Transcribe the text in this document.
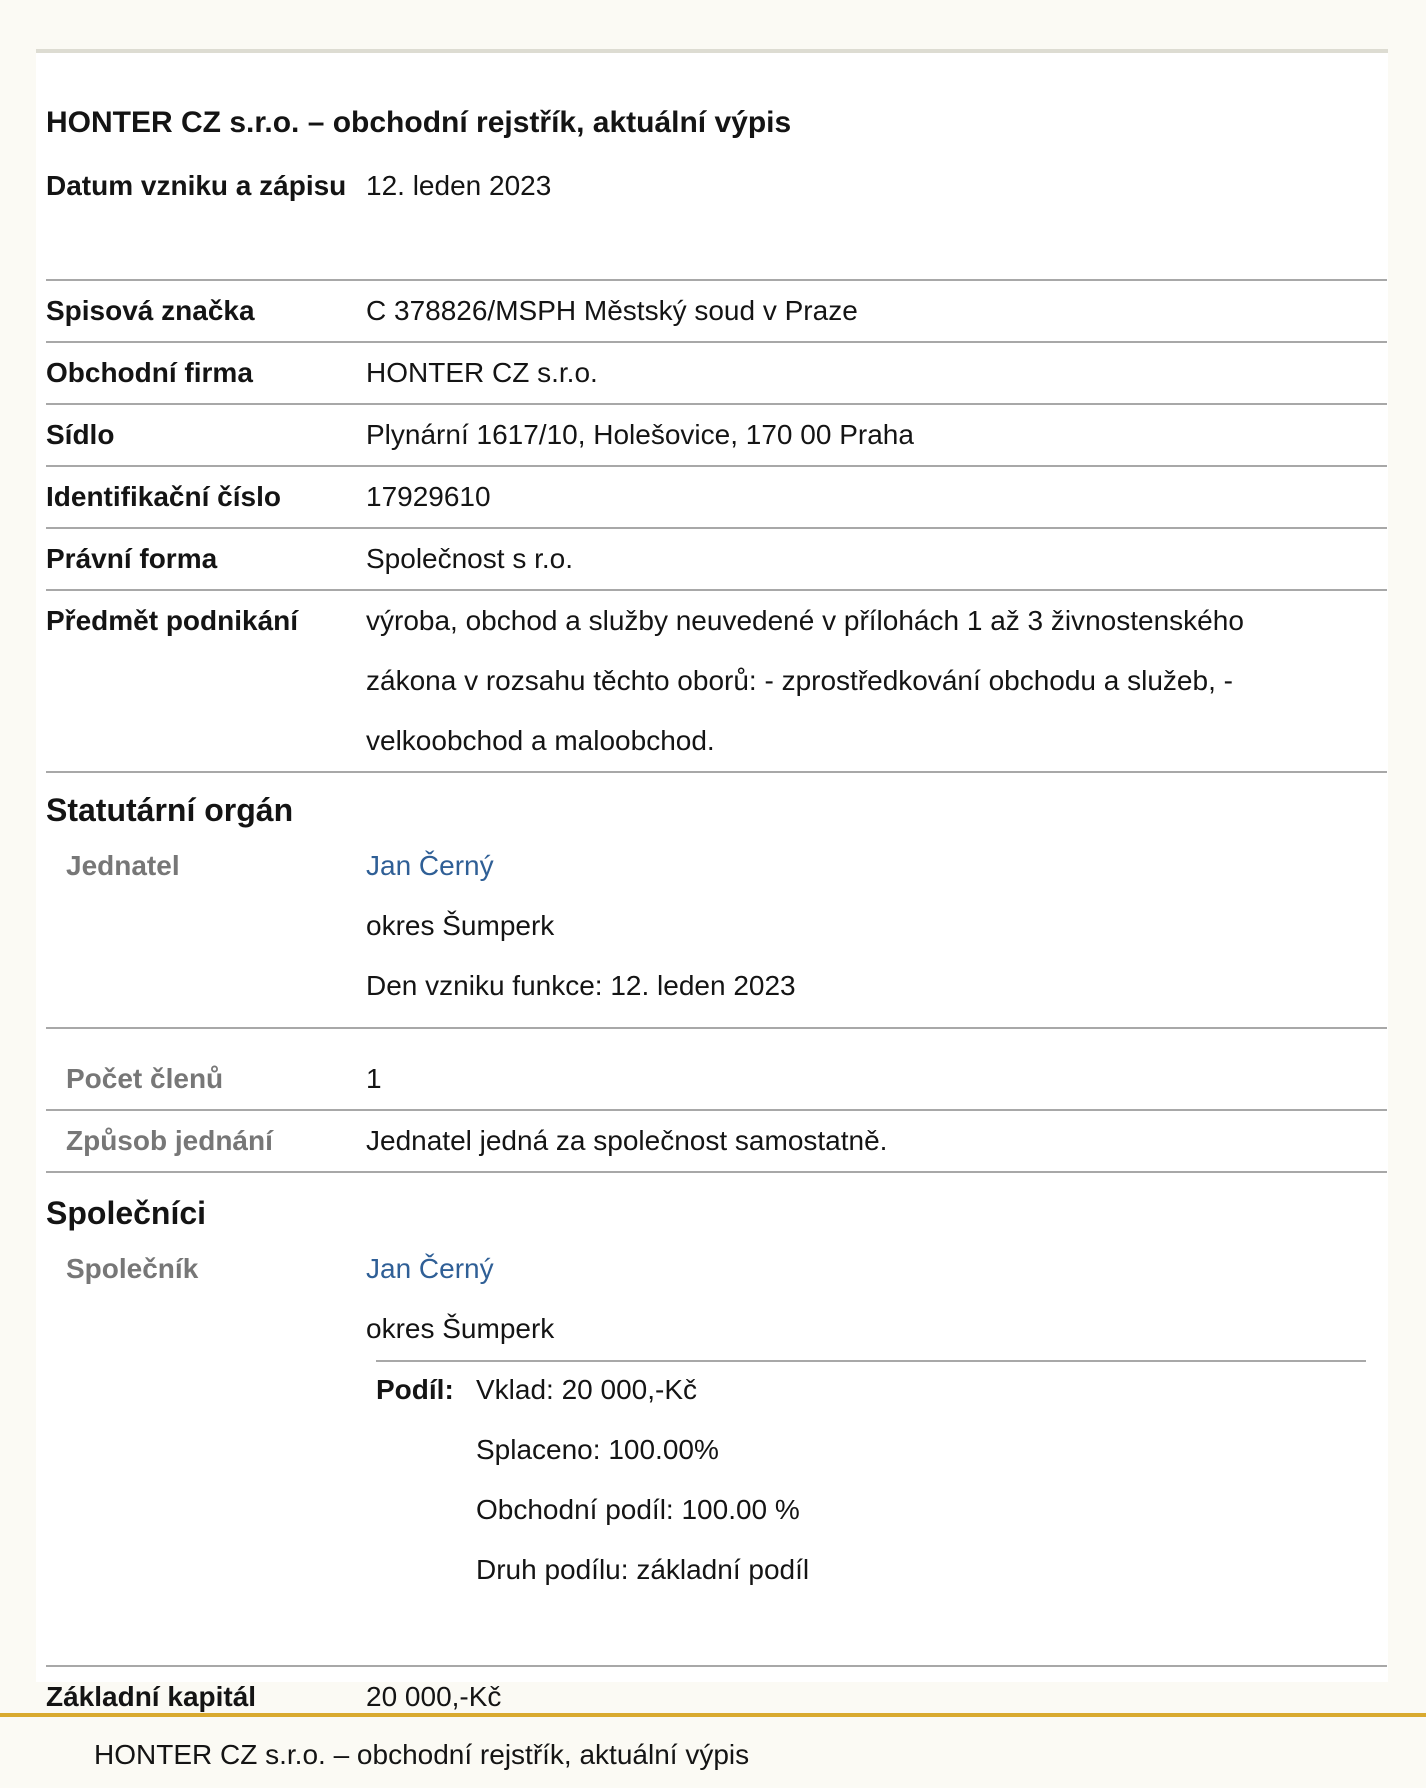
HONTER CZ s.r.o. – obchodní rejstřík, aktuální výpis
Datum vzniku a zápisu 12. leden 2023
Spisová značka	C 378826/MSPH Městský soud v Praze
Obchodní firma	HONTER CZ s.r.o.
Sídlo	Plynární 1617/10, Holešovice, 170 00 Praha
Identifikační číslo	17929610
Právní forma	Společnost s r.o.
Předmět podnikání	výroba, obchod a služby neuvedené v přílohách 1 až 3 živnostenského
zákona v rozsahu těchto oborů: - zprostředkování obchodu a služeb, -
velkoobchod a maloobchod.
Statutární orgán
Jednatel	Jan Černý
okres Šumperk
Den vzniku funkce: 12. leden 2023
Počet členů	1
Způsob jednání	Jednatel jedná za společnost samostatně.
Společníci
Společník	Jan Černý
okres Šumperk
Podíl: Vklad: 20 000,-Kč
Splaceno: 100.00%
Obchodní podíl: 100.00 %
Druh podílu: základní podíl
Základní kapitál	20 000,-Kč
HONTER CZ s.r.o. – obchodní rejstřík, aktuální výpis
